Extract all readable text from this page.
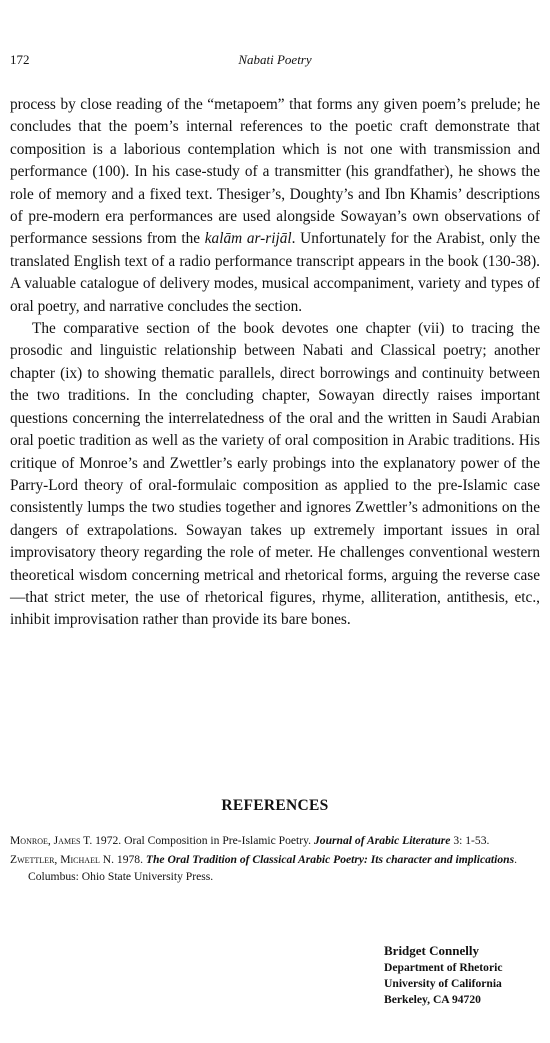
172	Nabati Poetry

process by close reading of the “metapoem” that forms any given poem’s prelude; he concludes that the poem’s internal references to the poetic craft demonstrate that composition is a laborious contemplation which is not one with transmission and performance (100). In his case-study of a transmitter (his grandfather), he shows the role of memory and a fixed text. Thesiger’s, Doughty’s and Ibn Khamis’ descriptions of pre-modern era performances are used alongside Sowayan’s own observations of performance sessions from the kalām ar-rijāl. Unfortunately for the Arabist, only the translated English text of a radio performance transcript appears in the book (130-38). A valuable catalogue of delivery modes, musical accompaniment, variety and types of oral poetry, and narrative concludes the section.

The comparative section of the book devotes one chapter (vii) to tracing the prosodic and linguistic relationship between Nabati and Classical poetry; another chapter (ix) to showing thematic parallels, direct borrowings and continuity between the two traditions. In the concluding chapter, Sowayan directly raises important questions concerning the interrelatedness of the oral and the written in Saudi Arabian oral poetic tradition as well as the variety of oral composition in Arabic traditions. His critique of Monroe’s and Zwettler’s early probings into the explanatory power of the Parry-Lord theory of oral-formulaic composition as applied to the pre-Islamic case consistently lumps the two studies together and ignores Zwettler’s admonitions on the dangers of extrapolations. Sowayan takes up extremely important issues in oral improvisatory theory regarding the role of meter. He challenges conventional western theoretical wisdom concerning metrical and rhetorical forms, arguing the reverse case—that strict meter, the use of rhetorical figures, rhyme, alliteration, antithesis, etc., inhibit improvisation rather than provide its bare bones.

REFERENCES
Monroe, James T. 1972. Oral Composition in Pre-Islamic Poetry. Journal of Arabic Literature 3: 1-53.
Zwettler, Michael N. 1978. The Oral Tradition of Classical Arabic Poetry: Its character and implications. Columbus: Ohio State University Press.
Bridget Connelly
Department of Rhetoric
University of California
Berkeley, CA 94720
